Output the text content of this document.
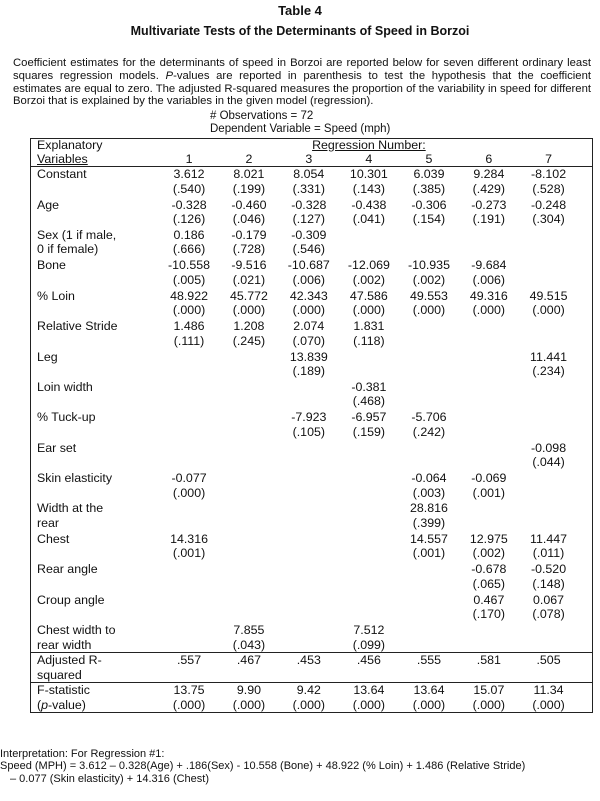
Table 4
Multivariate Tests of the Determinants of Speed in Borzoi
Coefficient estimates for the determinants of speed in Borzoi are reported below for seven different ordinary least squares regression models. P-values are reported in parenthesis to test the hypothesis that the coefficient estimates are equal to zero. The adjusted R-squared measures the proportion of the variability in speed for different Borzoi that is explained by the variables in the given model (regression).
# Observations = 72
Dependent Variable = Speed (mph)
Explanatory			Regression Number:					
Variables	1	2	3	4	5	6	7	
Constant	3.612	8.021	8.054	10.301	6.039	9.284	-8.102	
	(.540)	(.199)	(.331)	(.143)	(.385)	(.429)	(.528)	
Age	-0.328	-0.460	-0.328	-0.438	-0.306	-0.273	-0.248	
	(.126)	(.046)	(.127)	(.041)	(.154)	(.191)	(.304)	
Sex (1 if male,	0.186	-0.179	-0.309					
0 if female)	(.666)	(.728)	(.546)					
Bone	-10.558	-9.516	-10.687	-12.069	-10.935	-9.684		
	(.005)	(.021)	(.006)	(.002)	(.002)	(.006)		
% Loin	48.922	45.772	42.343	47.586	49.553	49.316	49.515	
	(.000)	(.000)	(.000)	(.000)	(.000)	(.000)	(.000)	
Relative Stride	1.486	1.208	2.074	1.831				
	(.111)	(.245)	(.070)	(.118)				
Leg			13.839				11.441	
			(.189)				(.234)	
Loin width				-0.381				
				(.468)				
% Tuck-up			-7.923	-6.957	-5.706			
			(.105)	(.159)	(.242)			
Ear set							-0.098	
							(.044)	
Skin elasticity	-0.077				-0.064	-0.069		
	(.000)				(.003)	(.001)		
Width at the					28.816			
rear					(.399)			
Chest	14.316				14.557	12.975	11.447	
	(.001)				(.001)	(.002)	(.011)	
Rear angle						-0.678	-0.520	
						(.065)	(.148)	
Croup angle						0.467	0.067	
						(.170)	(.078)	
Chest width to		7.855		7.512				
rear width		(.043)		(.099)				
Adjusted R-	.557	.467	.453	.456	.555	.581	.505	
squared								
F-statistic	13.75	9.90	9.42	13.64	13.64	15.07	11.34	
(p-value)	(.000)	(.000)	(.000)	(.000)	(.000)	(.000)	(.000)	
Interpretation: For Regression #1:
Speed (MPH) = 3.612 – 0.328(Age) + .186(Sex) - 10.558 (Bone) + 48.922 (% Loin) + 1.486 (Relative Stride)
– 0.077 (Skin elasticity) + 14.316 (Chest)
